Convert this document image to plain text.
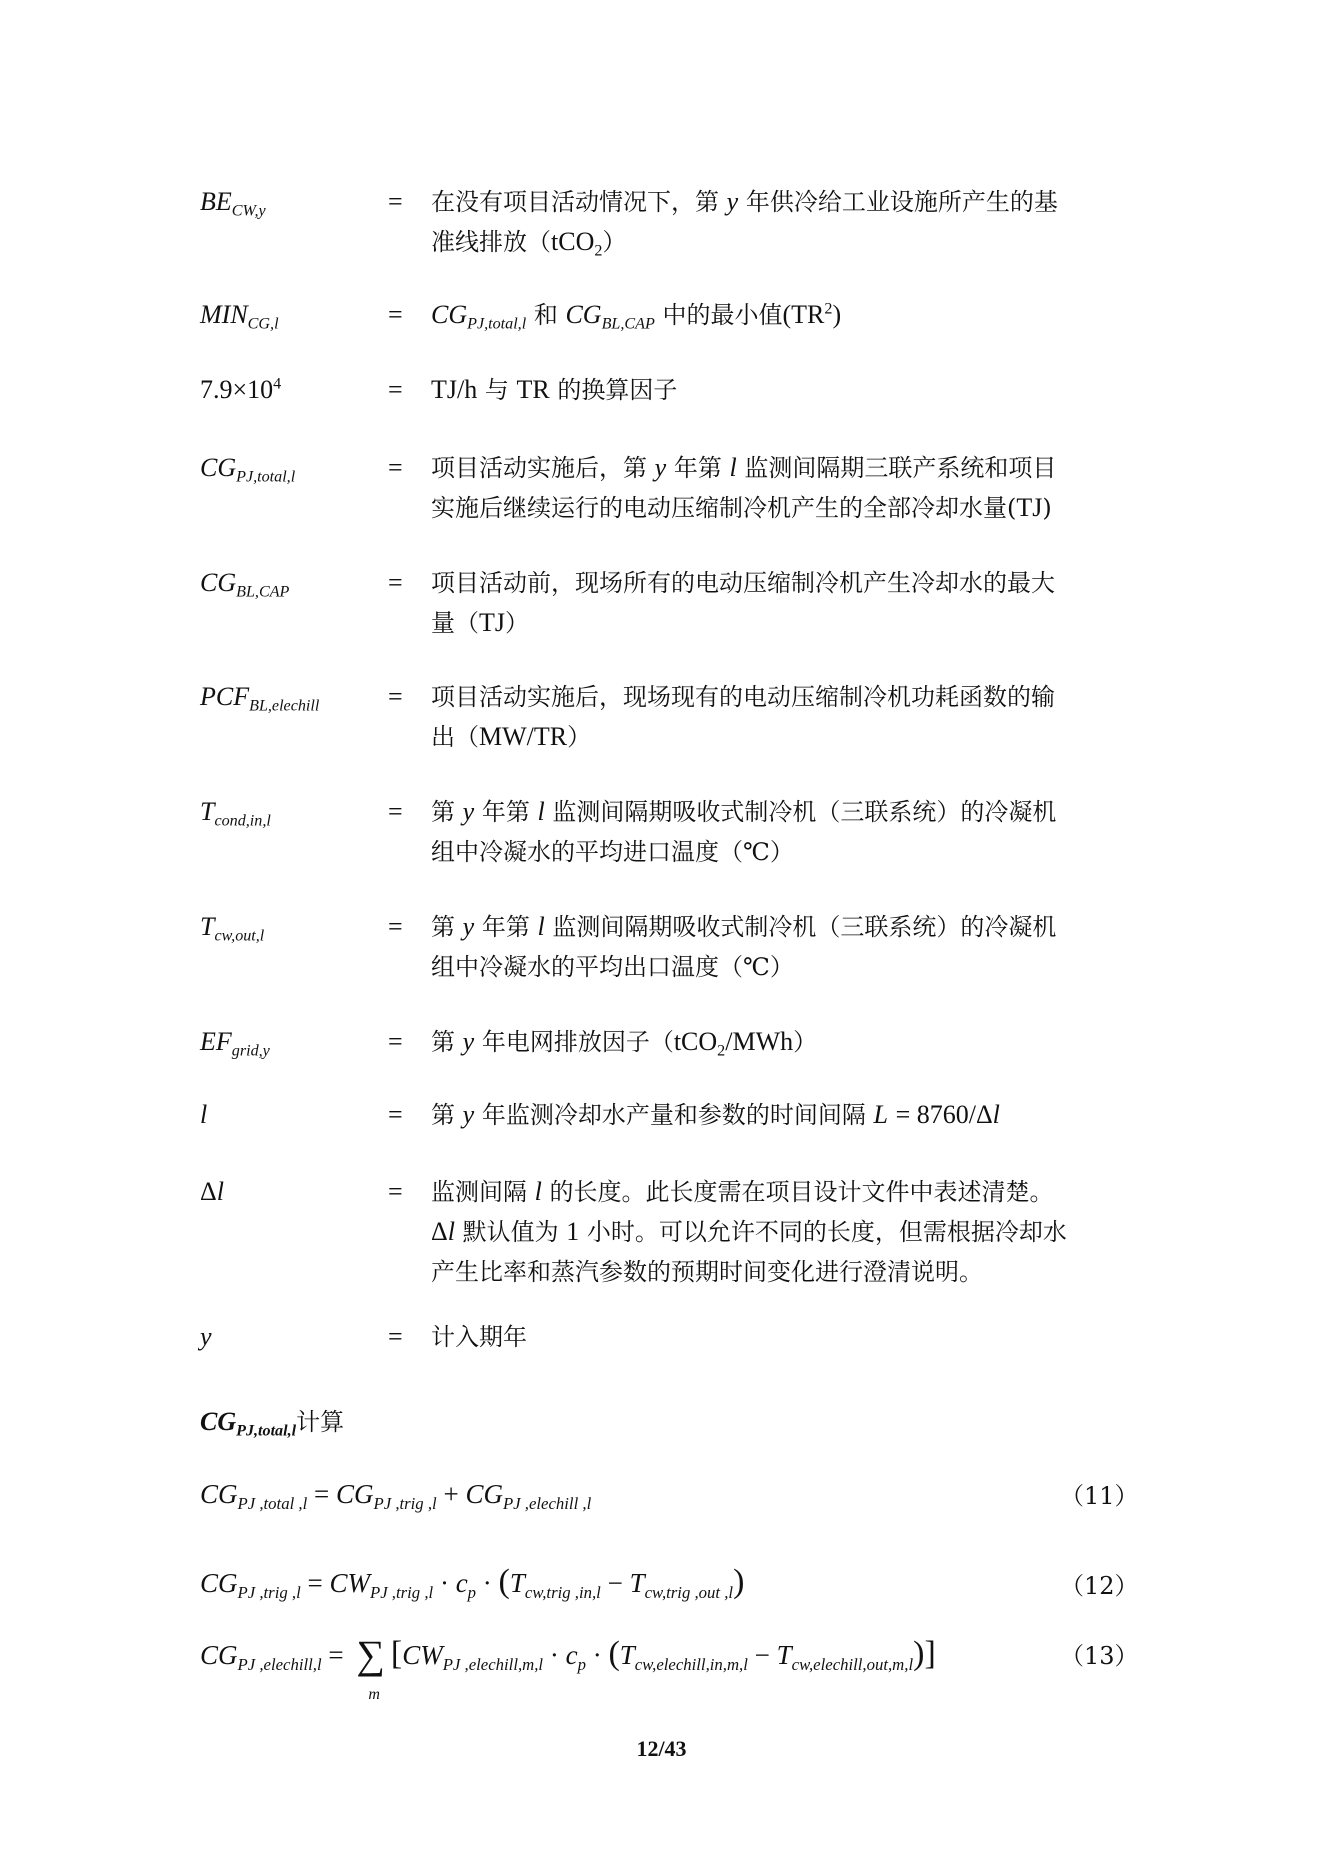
$BE_{CW,y}$	= 在没有项目活动情况下，第 y 年供冷给工业设施所产生的基
准线排放（tCO$_2$）
$MIN_{CG,l}$	= $CG_{PJ,total,l}$ 和 $CG_{BL,CAP}$ 中的最小值$(TR^2)$
$7.9\times 10^4$	= TJ/h 与 TR 的换算因子
$CG_{PJ,total,l}$	= 项目活动实施后，第 y 年第 l 监测间隔期三联产系统和项目
实施后继续运行的电动压缩制冷机产生的全部冷却水量(TJ)
$CG_{BL,CAP}$	= 项目活动前，现场所有的电动压缩制冷机产生冷却水的最大
量（TJ）
$PCF_{BL,elechill}$	= 项目活动实施后，现场现有的电动压缩制冷机功耗函数的输
出（MW/TR）
$T_{cond,in,l}$	= 第 y 年第 l 监测间隔期吸收式制冷机（三联系统）的冷凝机
组中冷凝水的平均进口温度（℃）
$T_{cw,out,l}$	= 第 y 年第 l 监测间隔期吸收式制冷机（三联系统）的冷凝机
组中冷凝水的平均出口温度（℃）
$EF_{grid,y}$	= 第 y 年电网排放因子（tCO$_2$/MWh）
l	= 第 y 年监测冷却水产量和参数的时间间隔 L = 8760/Δl
Δl	= 监测间隔 l 的长度。此长度需在项目设计文件中表述清楚。
Δl 默认值为 1 小时。可以允许不同的长度，但需根据冷却水
产生比率和蒸汽参数的预期时间变化进行澄清说明。
y	= 计入期年
$CG_{PJ,total,l}$计算
$CG_{PJ ,total ,l} = CG_{PJ ,trig ,l} + CG_{PJ ,elechill ,l}$	（11）
$CG_{PJ ,trig ,l} = CW_{PJ ,trig ,l} \cdot c_p \cdot (T_{cw,trig ,in,l} - T_{cw,trig ,out ,l})$	（12）
$CG_{PJ ,elechill,l}$ = ∑
m
$[CW_{PJ ,elechill,m,l} \cdot c_p \cdot (T_{cw,elechill,in,m,l} - T_{cw,elechill,out,m,l})]$	（13）
12/43
